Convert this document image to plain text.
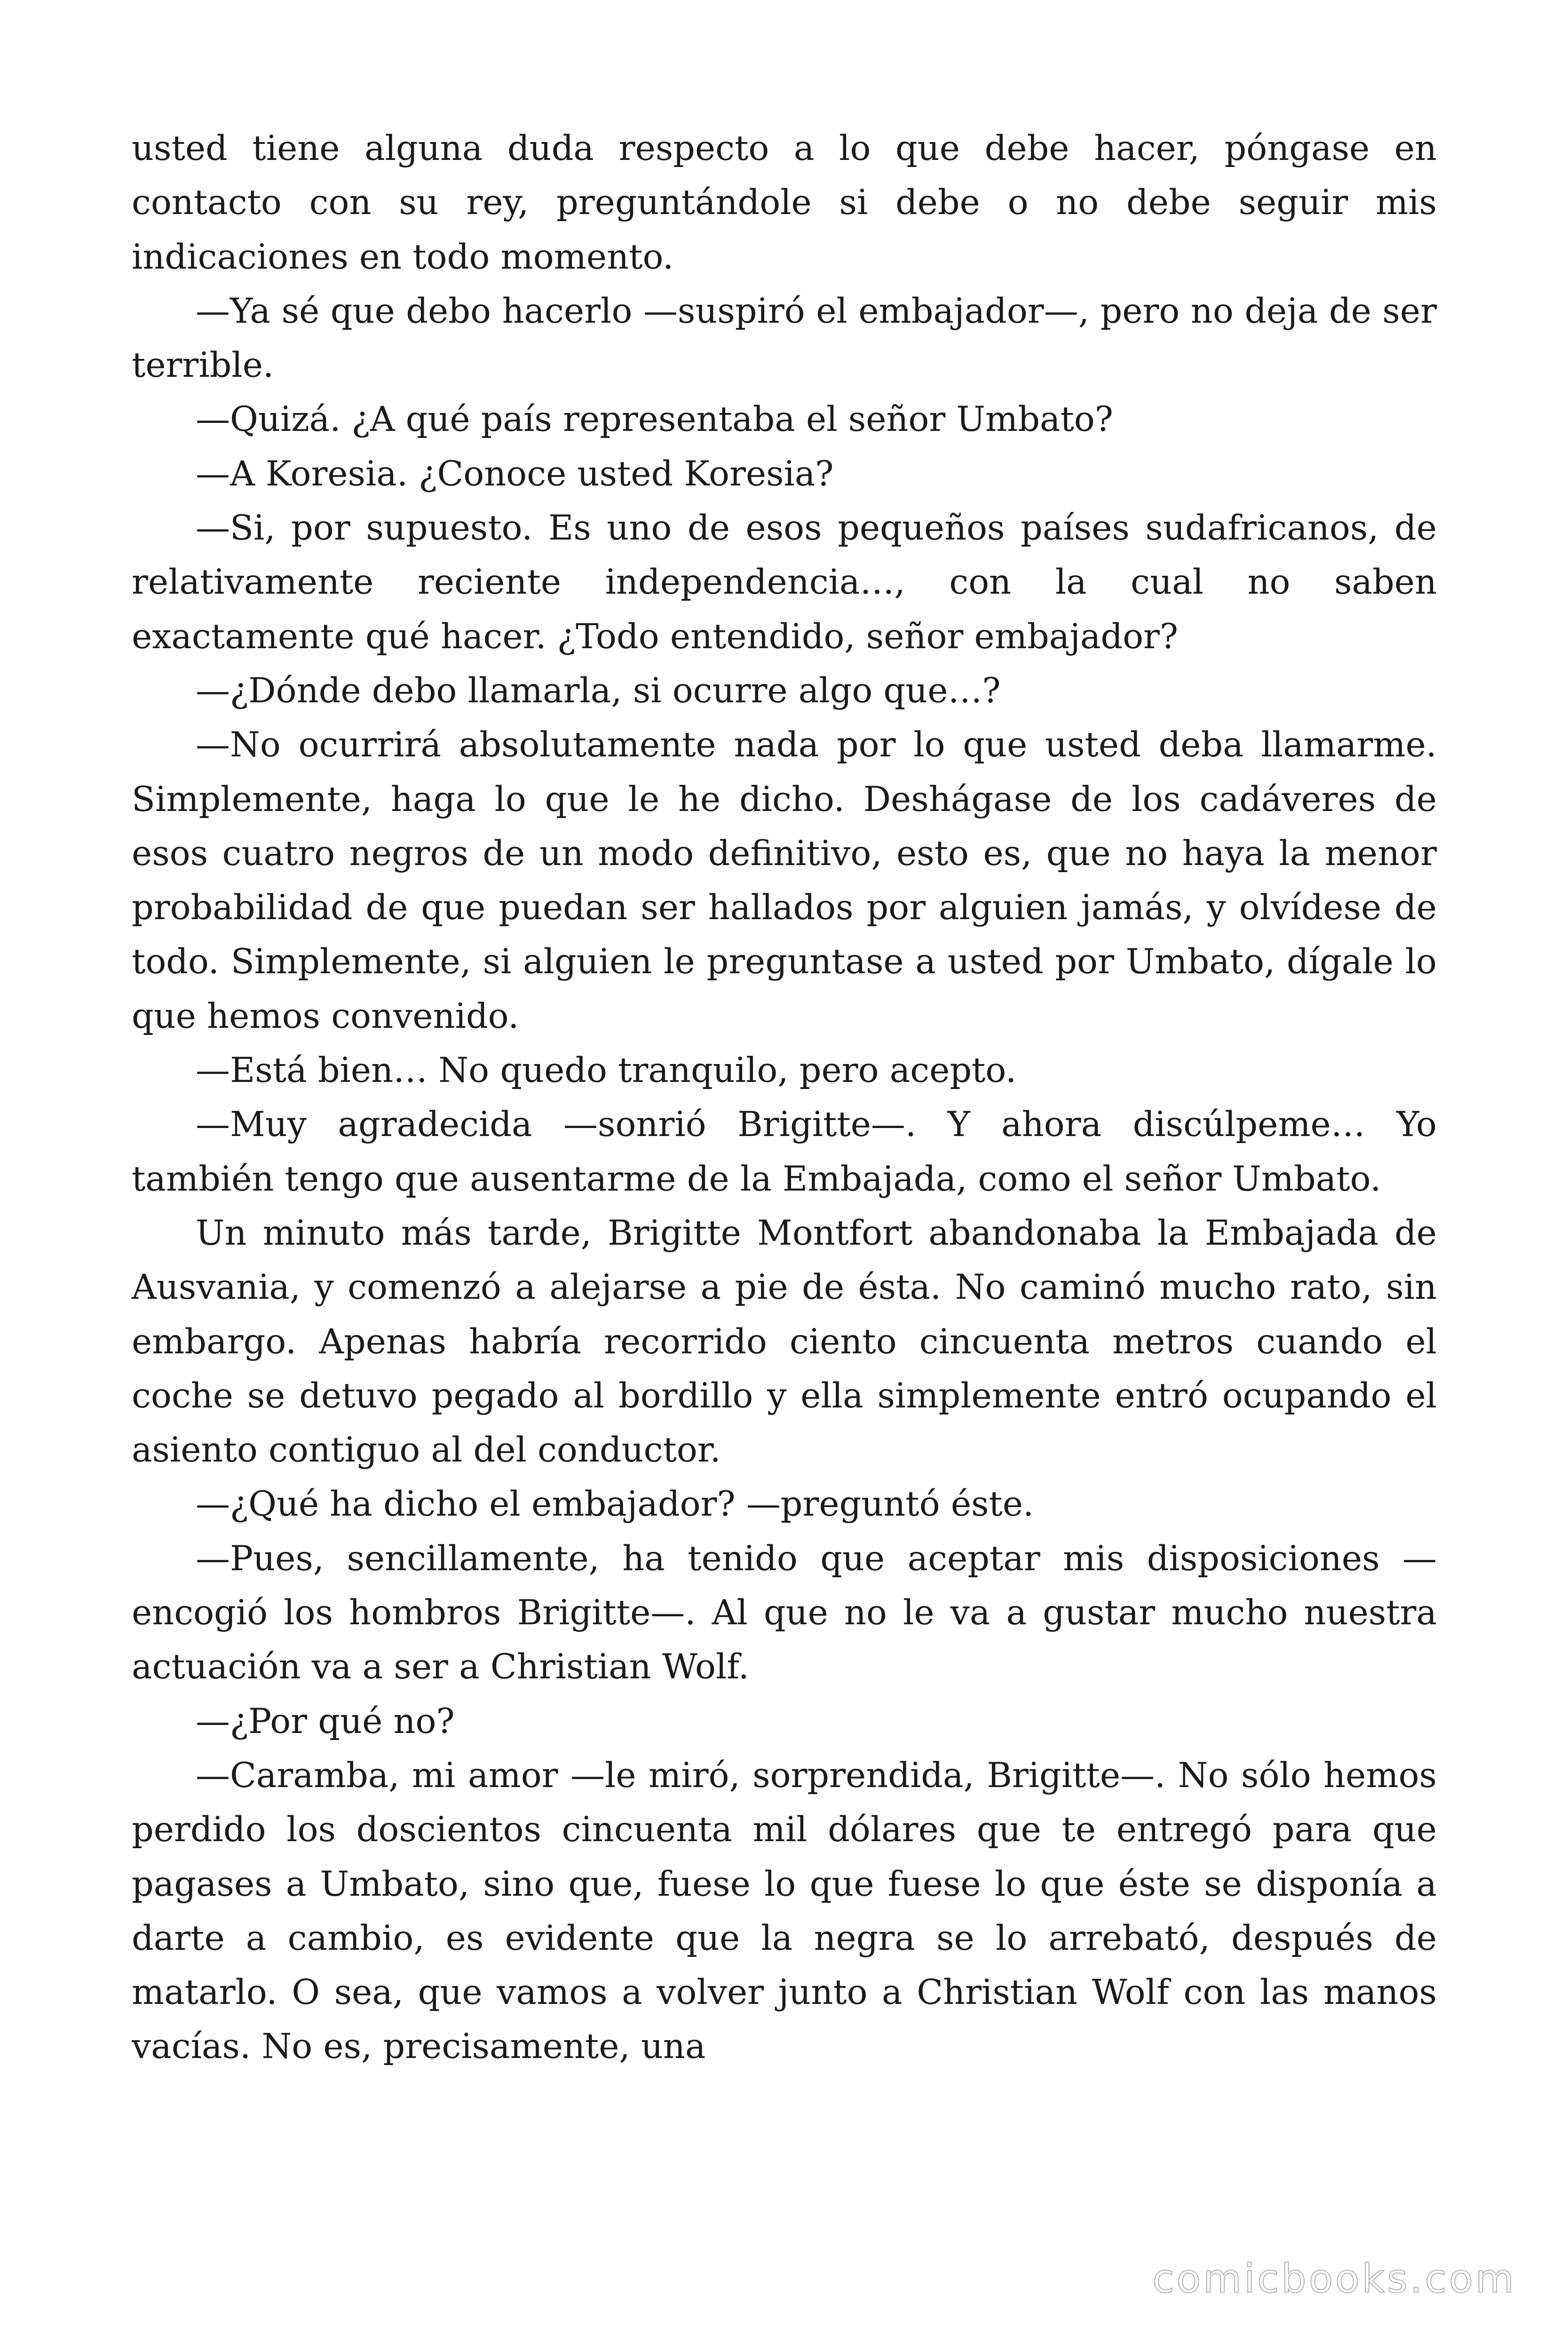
usted tiene alguna duda respecto a lo que debe hacer, póngase en contacto con su rey, preguntándole si debe o no debe seguir mis indicaciones en todo momento.

—Ya sé que debo hacerlo —suspiró el embajador—, pero no deja de ser terrible.

—Quizá. ¿A qué país representaba el señor Umbato?

—A Koresia. ¿Conoce usted Koresia?

—Si, por supuesto. Es uno de esos pequeños países sudafricanos, de relativamente reciente independencia…, con la cual no saben exactamente qué hacer. ¿Todo entendido, señor embajador?

—¿Dónde debo llamarla, si ocurre algo que…?

—No ocurrirá absolutamente nada por lo que usted deba llamarme. Simplemente, haga lo que le he dicho. Deshágase de los cadáveres de esos cuatro negros de un modo definitivo, esto es, que no haya la menor probabilidad de que puedan ser hallados por alguien jamás, y olvídese de todo. Simplemente, si alguien le preguntase a usted por Umbato, dígale lo que hemos convenido.

—Está bien… No quedo tranquilo, pero acepto.

—Muy agradecida —sonrió Brigitte—. Y ahora discúlpeme… Yo también tengo que ausentarme de la Embajada, como el señor Umbato.

Un minuto más tarde, Brigitte Montfort abandonaba la Embajada de Ausvania, y comenzó a alejarse a pie de ésta. No caminó mucho rato, sin embargo. Apenas habría recorrido ciento cincuenta metros cuando el coche se detuvo pegado al bordillo y ella simplemente entró ocupando el asiento contiguo al del conductor.

—¿Qué ha dicho el embajador? —preguntó éste.

—Pues, sencillamente, ha tenido que aceptar mis disposiciones —encogió los hombros Brigitte—. Al que no le va a gustar mucho nuestra actuación va a ser a Christian Wolf.

—¿Por qué no?

—Caramba, mi amor —le miró, sorprendida, Brigitte—. No sólo hemos perdido los doscientos cincuenta mil dólares que te entregó para que pagases a Umbato, sino que, fuese lo que fuese lo que éste se disponía a darte a cambio, es evidente que la negra se lo arrebató, después de matarlo. O sea, que vamos a volver junto a Christian Wolf con las manos vacías. No es, precisamente, una

comicbooks.com
